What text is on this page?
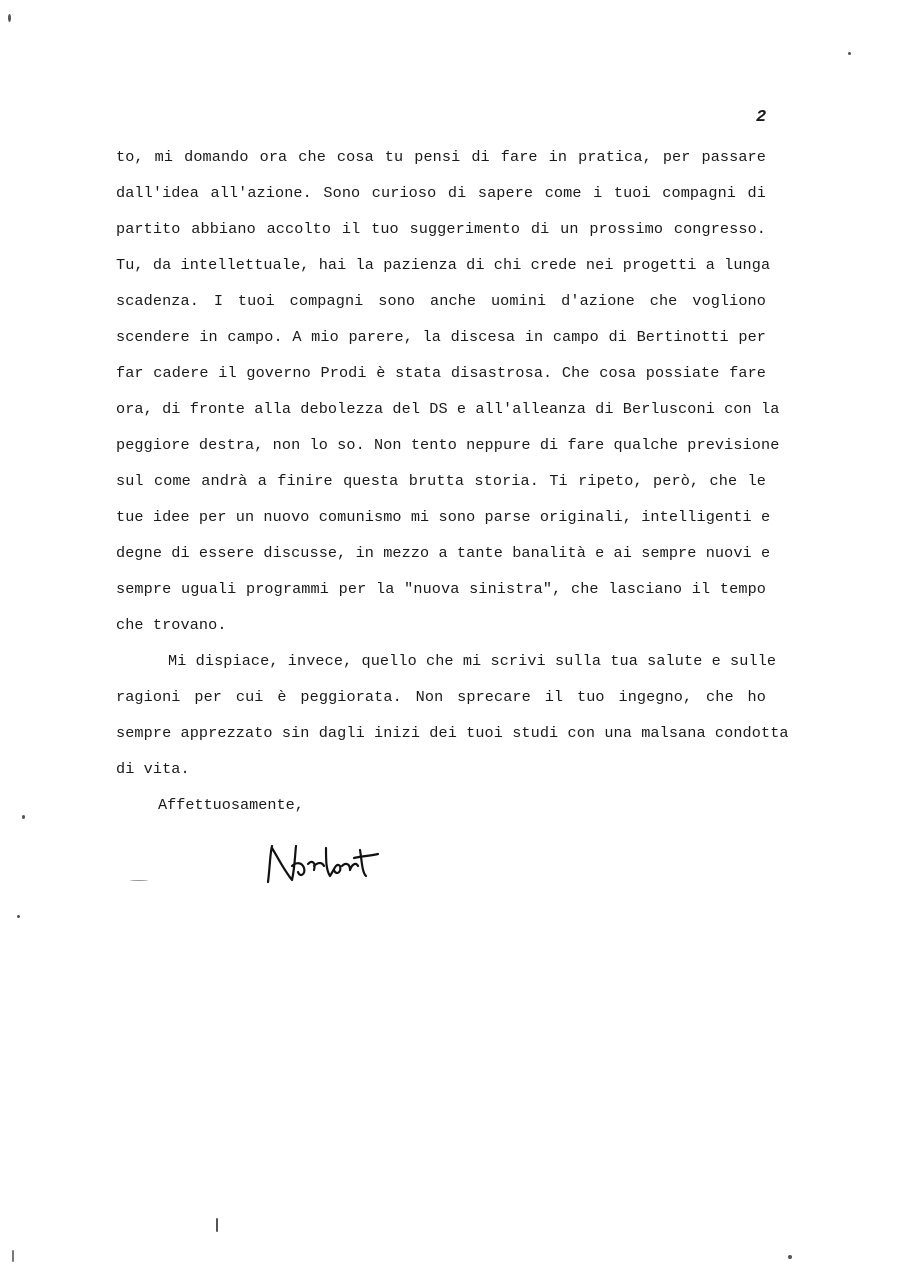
2
to, mi domando ora che cosa tu pensi di fare in pratica, per passare
dall'idea all'azione. Sono curioso di sapere come i tuoi compagni di
partito abbiano accolto il tuo suggerimento di un prossimo congresso.
Tu, da intellettuale, hai la pazienza di chi crede nei progetti a lunga
scadenza. I tuoi compagni sono anche uomini d'azione che vogliono
scendere in campo. A mio parere, la discesa in campo di Bertinotti per
far cadere il governo Prodi è stata disastrosa. Che cosa possiate fare
ora, di fronte alla debolezza del DS e all'alleanza di Berlusconi con la
peggiore destra, non lo so. Non tento neppure di fare qualche previsione
sul come andrà a finire questa brutta storia. Ti ripeto, però, che le
tue idee per un nuovo comunismo mi sono parse originali, intelligenti e
degne di essere discusse, in mezzo a tante banalità e ai sempre nuovi e
sempre uguali programmi per la "nuova sinistra", che lasciano il tempo
che trovano.
Mi dispiace, invece, quello che mi scrivi sulla tua salute e sulle
ragioni per cui è peggiorata. Non sprecare il tuo ingegno, che ho
sempre apprezzato sin dagli inizi dei tuoi studi con una malsana condotta
di vita.
Affettuosamente,
